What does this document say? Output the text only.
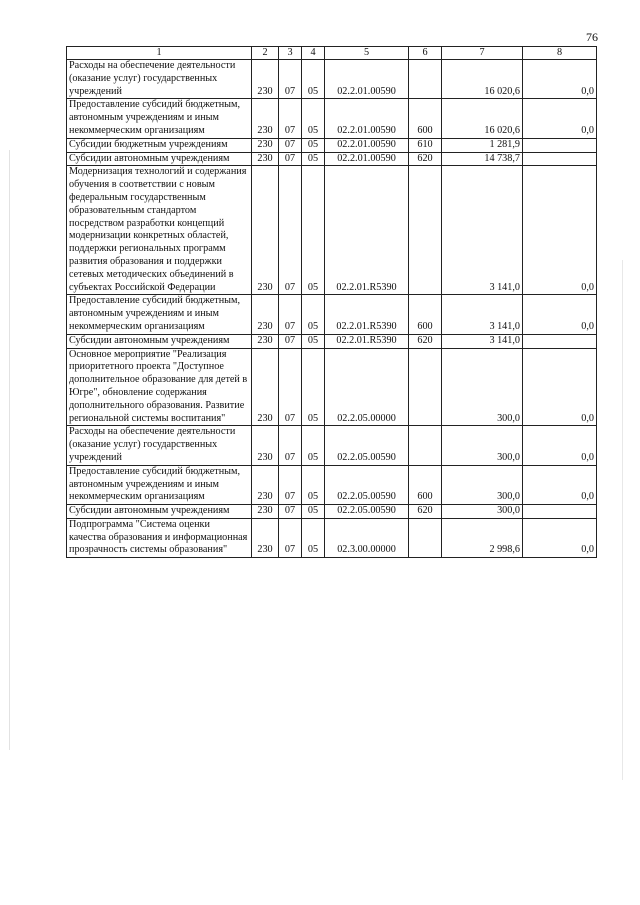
76
1	2	3	4	5	6	7	8
Расходы на обеспечение деятельности (оказание услуг) государственных учреждений	230	07	05	02.2.01.00590		16 020,6	0,0
Предоставление субсидий бюджетным, автономным учреждениям и иным некоммерческим организациям	230	07	05	02.2.01.00590	600	16 020,6	0,0
Субсидии бюджетным учреждениям	230	07	05	02.2.01.00590	610	1 281,9	
Субсидии автономным учреждениям	230	07	05	02.2.01.00590	620	14 738,7	
Модернизация технологий и содержания обучения в соответствии с новым федеральным государственным образовательным стандартом посредством разработки концепций модернизации конкретных областей, поддержки региональных программ развития образования и поддержки сетевых методических объединений в субъектах Российской Федерации	230	07	05	02.2.01.R5390		3 141,0	0,0
Предоставление субсидий бюджетным, автономным учреждениям и иным некоммерческим организациям	230	07	05	02.2.01.R5390	600	3 141,0	0,0
Субсидии автономным учреждениям	230	07	05	02.2.01.R5390	620	3 141,0	
Основное мероприятие "Реализация приоритетного проекта "Доступное дополнительное образование для детей в Югре", обновление содержания дополнительного образования. Развитие региональной системы воспитания"	230	07	05	02.2.05.00000		300,0	0,0
Расходы на обеспечение деятельности (оказание услуг) государственных учреждений	230	07	05	02.2.05.00590		300,0	0,0
Предоставление субсидий бюджетным, автономным учреждениям и иным некоммерческим организациям	230	07	05	02.2.05.00590	600	300,0	0,0
Субсидии автономным учреждениям	230	07	05	02.2.05.00590	620	300,0	
Подпрограмма "Система оценки качества образования и информационная прозрачность системы образования"	230	07	05	02.3.00.00000		2 998,6	0,0
